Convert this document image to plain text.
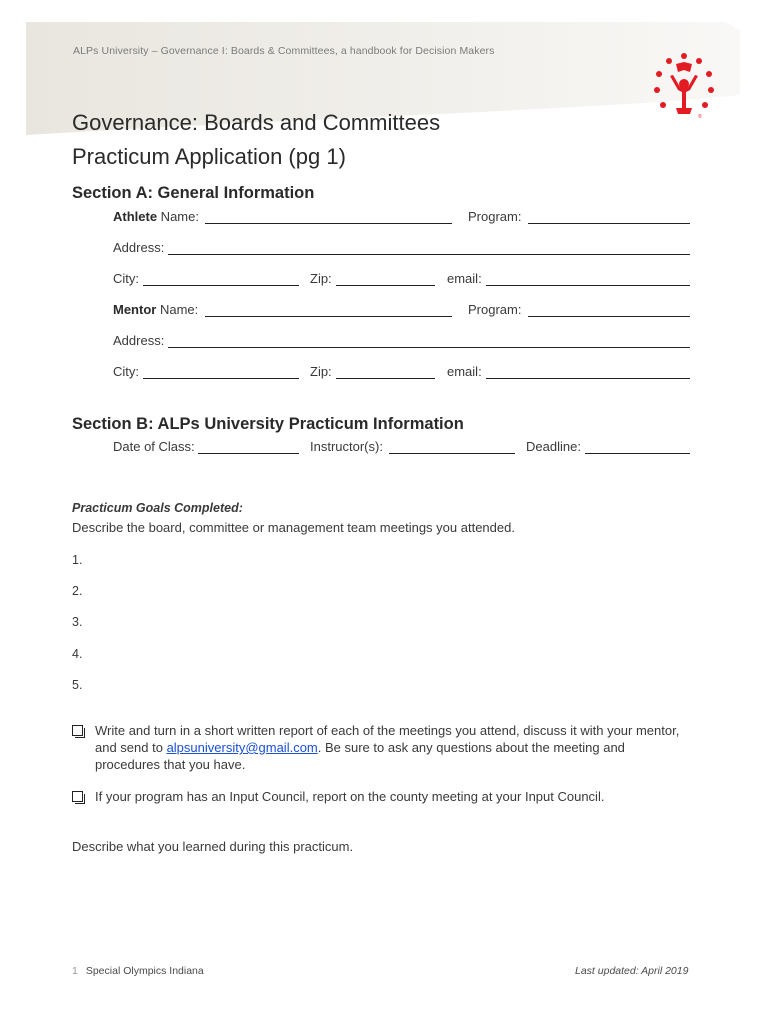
ALPs University – Governance I: Boards & Committees, a handbook for Decision Makers
®
Governance: Boards and Committees
Practicum Application (pg 1)
Section A: General Information
Athlete Name:	Program:
Address:
City:	Zip:	email:
Mentor Name:	Program:
Address:
City:	Zip:	email:
Section B: ALPs University Practicum Information
Date of Class:	Instructor(s):	Deadline:
Practicum Goals Completed:
Describe the board, committee or management team meetings you attended.
1.
2.
3.
4.
5.
Write and turn in a short written report of each of the meetings you attend, discuss it with your mentor, and send to alpsuniversity@gmail.com. Be sure to ask any questions about the meeting and procedures that you have.
If your program has an Input Council, report on the county meeting at your Input Council.
Describe what you learned during this practicum.
1 Special Olympics Indiana	Last updated: April 2019
